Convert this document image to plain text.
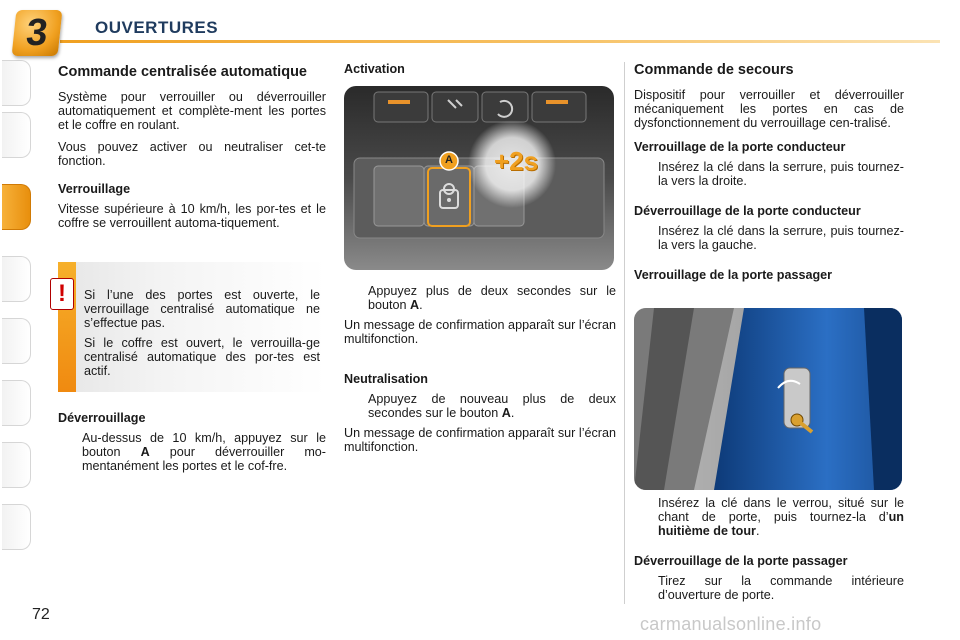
3	OUVERTURES
Commande centralisée automatique

Système pour verrouiller ou déverrouiller automatiquement et complète-ment les portes et le coffre en roulant.

Vous pouvez activer ou neutraliser cet-te fonction.

Verrouillage

Vitesse supérieure à 10 km/h, les por-tes et le coffre se verrouillent automa-tiquement.

!	Si l’une des portes est ouverte, le verrouillage centralisé automatique ne s’effectue pas.

Si le coffre est ouvert, le verrouilla-ge centralisé automatique des por-tes est actif.

Déverrouillage
Au-dessus de 10 km/h, appuyez sur le bouton A pour déverrouiller mo-mentanément les portes et le cof-fre.
Activation
A +2s
Appuyez plus de deux secondes sur le bouton A.

Un message de confirmation apparaît sur l’écran multifonction.

Neutralisation
Appuyez de nouveau plus de deux secondes sur le bouton A.

Un message de confirmation apparaît sur l’écran multifonction.

Commande de secours

Dispositif pour verrouiller et déverrouiller mécaniquement les portes en cas de dysfonctionnement du verrouillage cen-tralisé.

Verrouillage de la porte conducteur
Insérez la clé dans la serrure, puis tournez-la vers la droite.
Déverrouillage de la porte conducteur
Insérez la clé dans la serrure, puis tournez-la vers la gauche.
Verrouillage de la porte passager
Insérez la clé dans le verrou, situé sur le chant de porte, puis tournez-la d’un huitième de tour.
Déverrouillage de la porte passager
Tirez sur la commande intérieure d’ouverture de porte.
72	carmanualsonline.info
